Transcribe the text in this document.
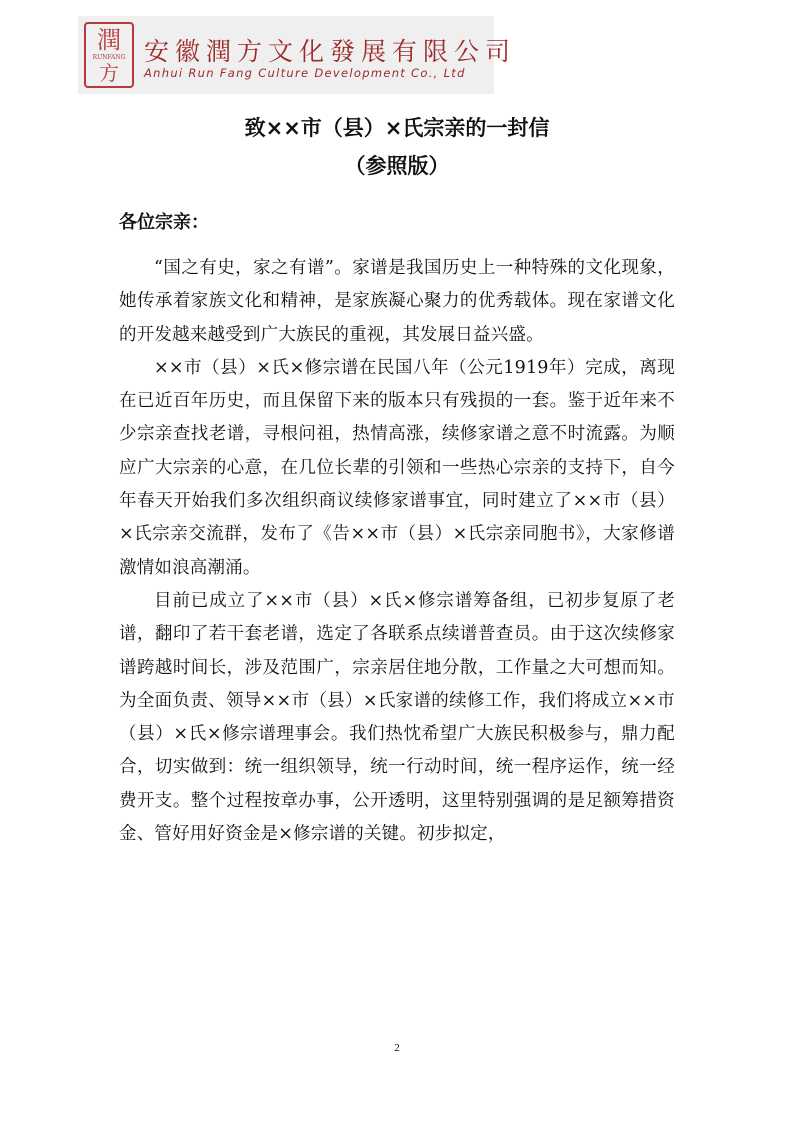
潤
RUNFANG
方
安徽潤方文化發展有限公司
Anhui Run Fang Culture Development Co., Ltd
致××市（县）×氏宗亲的一封信
（参照版）
各位宗亲：

“国之有史，家之有谱”。家谱是我国历史上一种特殊的文化现象，她传承着家族文化和精神，是家族凝心聚力的优秀载体。现在家谱文化的开发越来越受到广大族民的重视，其发展日益兴盛。

××市（县）×氏×修宗谱在民国八年（公元1919年）完成，离现在已近百年历史，而且保留下来的版本只有残损的一套。鉴于近年来不少宗亲查找老谱，寻根问祖，热情高涨，续修家谱之意不时流露。为顺应广大宗亲的心意，在几位长辈的引领和一些热心宗亲的支持下，自今年春天开始我们多次组织商议续修家谱事宜，同时建立了××市（县）×氏宗亲交流群，发布了《告××市（县）×氏宗亲同胞书》，大家修谱激情如浪高潮涌。

目前已成立了××市（县）×氏×修宗谱筹备组，已初步复原了老谱，翻印了若干套老谱，选定了各联系点续谱普查员。由于这次续修家谱跨越时间长，涉及范围广，宗亲居住地分散，工作量之大可想而知。为全面负责、领导××市（县）×氏家谱的续修工作，我们将成立××市（县）×氏×修宗谱理事会。我们热忱希望广大族民积极参与，鼎力配合，切实做到：统一组织领导，统一行动时间，统一程序运作，统一经费开支。整个过程按章办事，公开透明，这里特别强调的是足额筹措资金、管好用好资金是×修宗谱的关键。初步拟定，

2
